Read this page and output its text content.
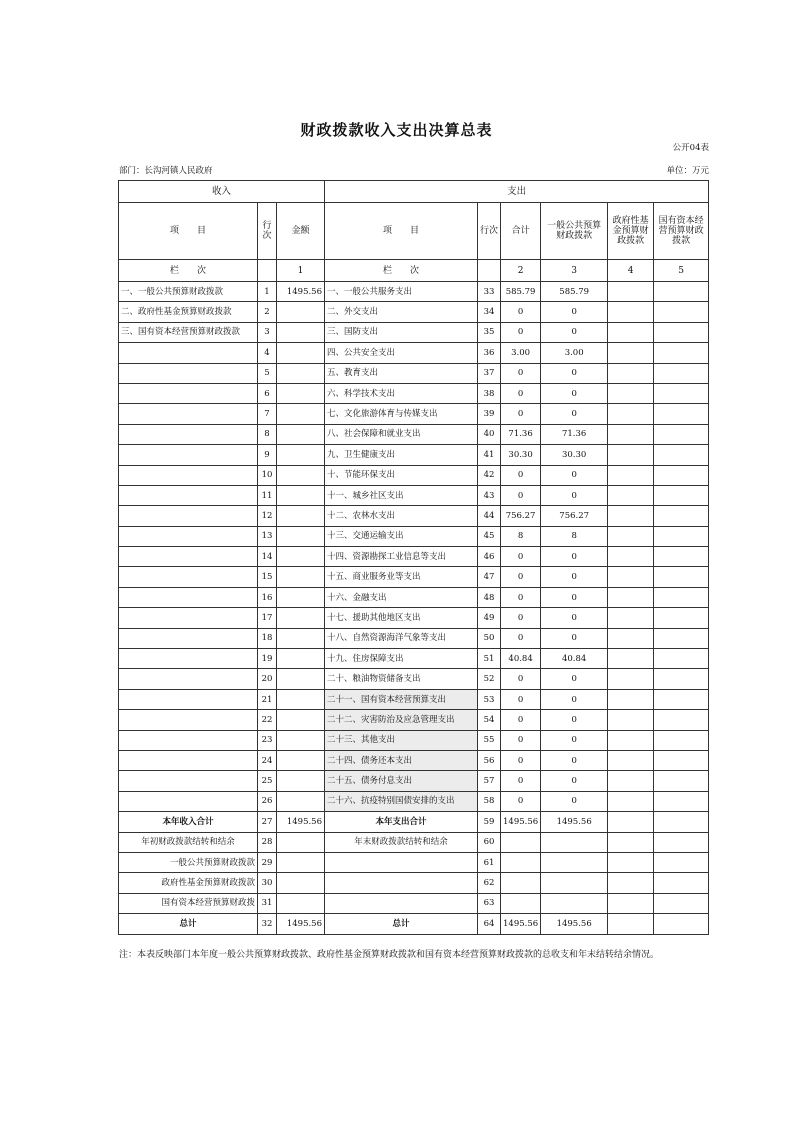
财政拨款收入支出决算总表
公开04表
部门：长沟河镇人民政府	单位：万元
收入			支出					
项　　目	行次	金额	项　　目	行次	合计	一般公共预算财政拨款	政府性基金预算财政拨款	国有资本经营预算财政拨款
栏　　次		1	栏　　次		2	3	4	5
一、一般公共预算财政拨款	1	1495.56	一、一般公共服务支出	33	585.79	585.79		
二、政府性基金预算财政拨款	2		二、外交支出	34	0	0		
三、国有资本经营预算财政拨款	3		三、国防支出	35	0	0		
	4		四、公共安全支出	36	3.00	3.00		
	5		五、教育支出	37	0	0		
	6		六、科学技术支出	38	0	0		
	7		七、文化旅游体育与传媒支出	39	0	0		
	8		八、社会保障和就业支出	40	71.36	71.36		
	9		九、卫生健康支出	41	30.30	30.30		
	10		十、节能环保支出	42	0	0		
	11		十一、城乡社区支出	43	0	0		
	12		十二、农林水支出	44	756.27	756.27		
	13		十三、交通运输支出	45	8	8		
	14		十四、资源勘探工业信息等支出	46	0	0		
	15		十五、商业服务业等支出	47	0	0		
	16		十六、金融支出	48	0	0		
	17		十七、援助其他地区支出	49	0	0		
	18		十八、自然资源海洋气象等支出	50	0	0		
	19		十九、住房保障支出	51	40.84	40.84		
	20		二十、粮油物资储备支出	52	0	0		
	21		二十一、国有资本经营预算支出	53	0	0		
	22		二十二、灾害防治及应急管理支出	54	0	0		
	23		二十三、其他支出	55	0	0		
	24		二十四、债务还本支出	56	0	0		
	25		二十五、债务付息支出	57	0	0		
	26		二十六、抗疫特别国债安排的支出	58	0	0		
本年收入合计	27	1495.56	本年支出合计	59	1495.56	1495.56		
年初财政拨款结转和结余	28		年末财政拨款结转和结余	60				
一般公共预算财政拨款	29			61				
政府性基金预算财政拨款	30			62				
国有资本经营预算财政拨	31			63				
总计	32	1495.56	总计	64	1495.56	1495.56		
注：本表反映部门本年度一般公共预算财政拨款、政府性基金预算财政拨款和国有资本经营预算财政拨款的总收支和年末结转结余情况。
